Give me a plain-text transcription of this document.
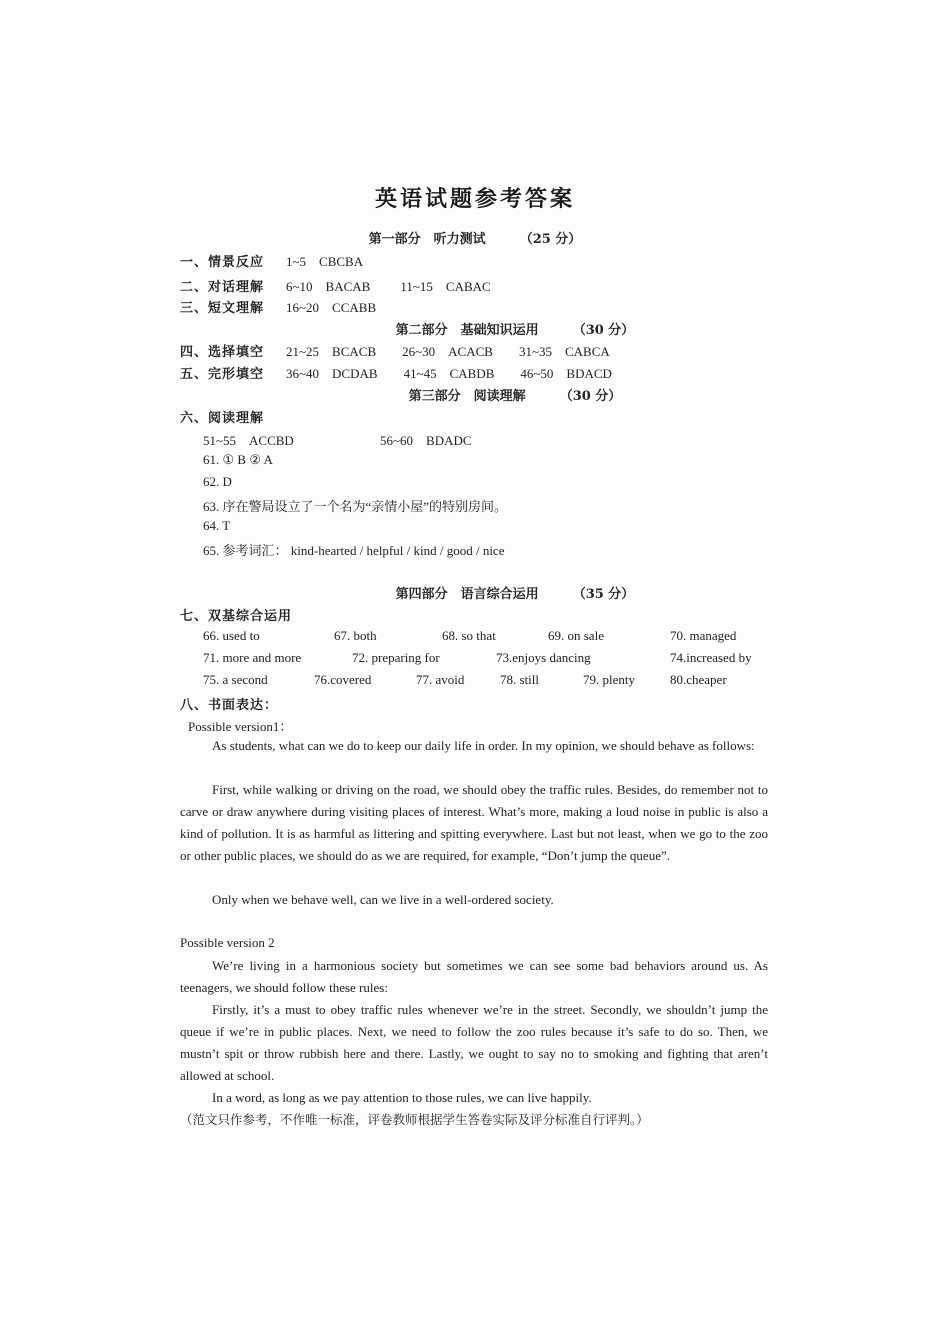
英语试题参考答案
第一部分　听力测试	（25 分）
一、情景反应 1~5　CBCBA
二、对话理解 6~10　BACAB 11~15　CABAC
三、短文理解 16~20　CCABB
第二部分　基础知识运用	（30 分）
四、选择填空 21~25　BCACB 26~30　ACACB 31~35　CABCA
五、完形填空 36~40　DCDAB 41~45　CABDB 46~50　BDACD
第三部分　阅读理解	（30 分）
六、阅读理解
51~55　ACCBD	56~60　BDADC
61. ① B ② A
62. D
63. 序在警局设立了一个名为“亲情小屋”的特别房间。
64. T
65. 参考词汇： kind-hearted / helpful / kind / good / nice
第四部分　语言综合运用	（35 分）
七、双基综合运用
66. used to	67. both	68. so that	69. on sale	70. managed
71. more and more	72. preparing for	73.enjoys dancing	74.increased by
75. a second	76.covered	77. avoid	78. still	79. plenty	80.cheaper
八、书面表达：
Possible version1：
As students, what can we do to keep our daily life in order. In my opinion, we should behave as follows:
First, while walking or driving on the road, we should obey the traffic rules. Besides, do remember not to carve or draw anywhere during visiting places of interest. What’s more, making a loud noise in public is also a kind of pollution. It is as harmful as littering and spitting everywhere. Last but not least, when we go to the zoo or other public places, we should do as we are required, for example, “Don’t jump the queue”.
Only when we behave well, can we live in a well-ordered society.
Possible version 2
We’re living in a harmonious society but sometimes we can see some bad behaviors around us. As teenagers, we should follow these rules:
Firstly, it’s a must to obey traffic rules whenever we’re in the street. Secondly, we shouldn’t jump the queue if we’re in public places. Next, we need to follow the zoo rules because it’s safe to do so. Then, we mustn’t spit or throw rubbish here and there. Lastly, we ought to say no to smoking and fighting that aren’t allowed at school.
In a word, as long as we pay attention to those rules, we can live happily.
（范文只作参考，不作唯一标准，评卷教师根据学生答卷实际及评分标准自行评判。）
